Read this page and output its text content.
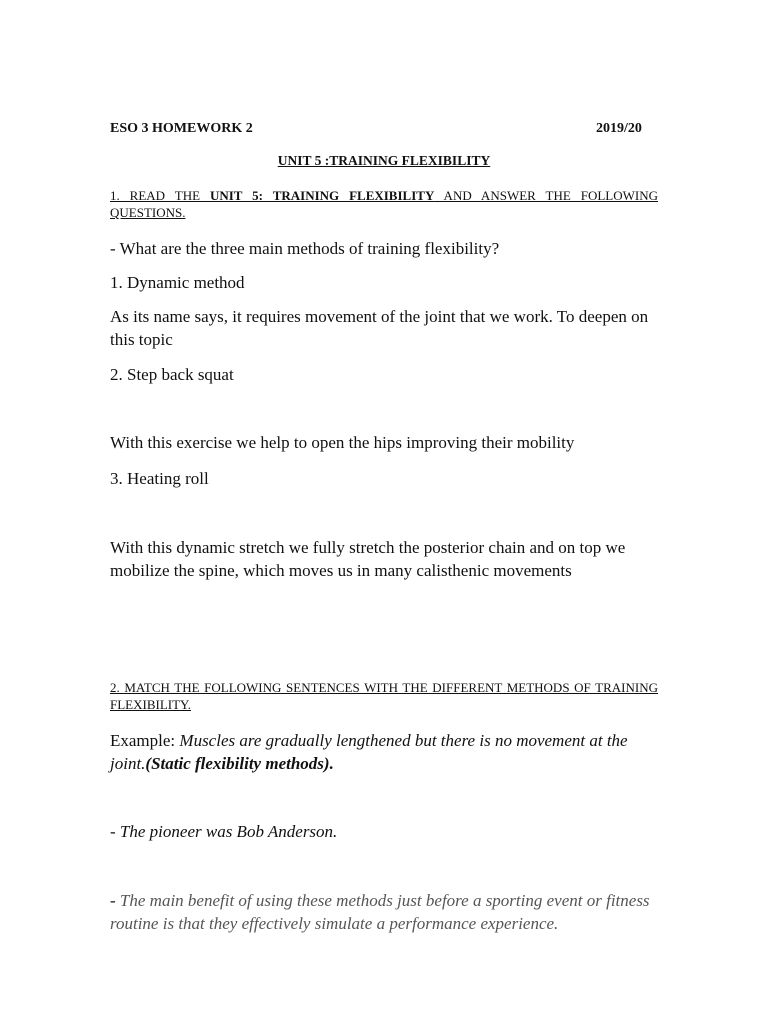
ESO 3 HOMEWORK 2	2019/20
UNIT 5 :TRAINING FLEXIBILITY
1. READ THE UNIT 5: TRAINING FLEXIBILITY AND ANSWER THE FOLLOWING QUESTIONS.
- What are the three main methods of training flexibility?
1. Dynamic method
As its name says, it requires movement of the joint that we work. To deepen on this topic
2. Step back squat
With this exercise we help to open the hips improving their mobility
3. Heating roll
With this dynamic stretch we fully stretch the posterior chain and on top we mobilize the spine, which moves us in many calisthenic movements
2. MATCH THE FOLLOWING SENTENCES WITH THE DIFFERENT METHODS OF TRAINING FLEXIBILITY.
Example: Muscles are gradually lengthened but there is no movement at the joint.(Static flexibility methods).
- The pioneer was Bob Anderson.
- The main benefit of using these methods just before a sporting event or fitness routine is that they effectively simulate a performance experience.
